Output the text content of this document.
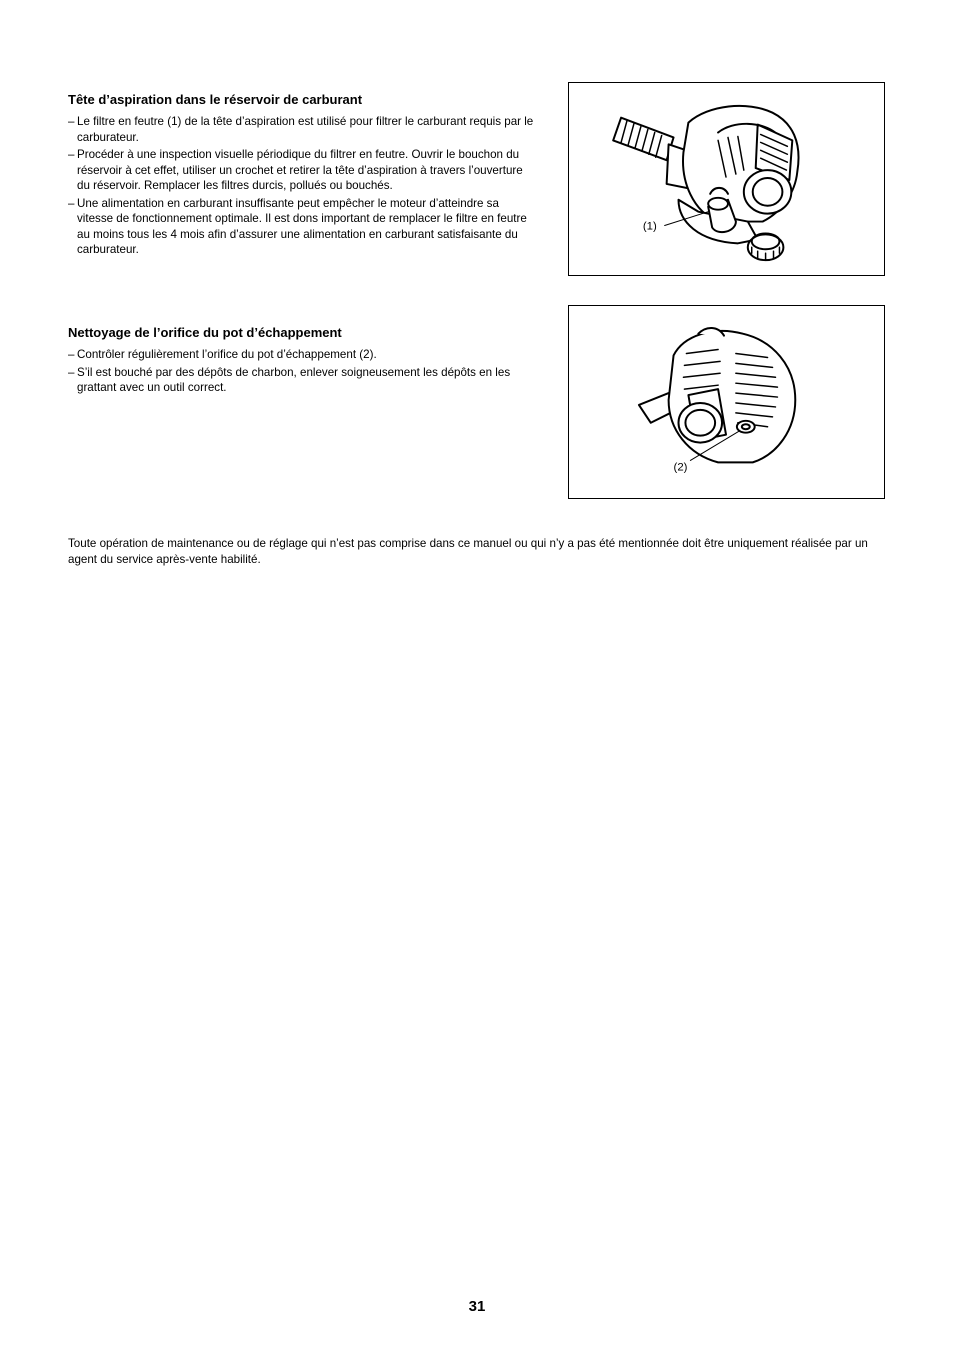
Tête d’aspiration dans le réservoir de carburant
– Le filtre en feutre (1) de la tête d’aspiration est utilisé pour filtrer le carburant requis par le carburateur.
– Procéder à une inspection visuelle périodique du filtrer en feutre. Ouvrir le bouchon du réservoir à cet effet, utiliser un crochet et retirer la tête d’aspiration à travers l’ouverture du réservoir. Remplacer les filtres durcis, pollués ou bouchés.
– Une alimentation en carburant insuffisante peut empêcher le moteur d’atteindre sa vitesse de fonctionnement optimale. Il est dons important de remplacer le filtre en feutre au moins tous les 4 mois afin d’assurer une alimentation en carburant satisfaisante du carburateur.
(1)
Nettoyage de l’orifice du pot d’échappement
– Contrôler régulièrement l’orifice du pot d’échappement (2).
– S’il est bouché par des dépôts de charbon, enlever soigneusement les dépôts en les grattant avec un outil correct.
(2)

Toute opération de maintenance ou de réglage qui n’est pas comprise dans ce manuel ou qui n’y a pas été mentionnée doit être uniquement réalisée par un agent du service après-vente habilité.

31
